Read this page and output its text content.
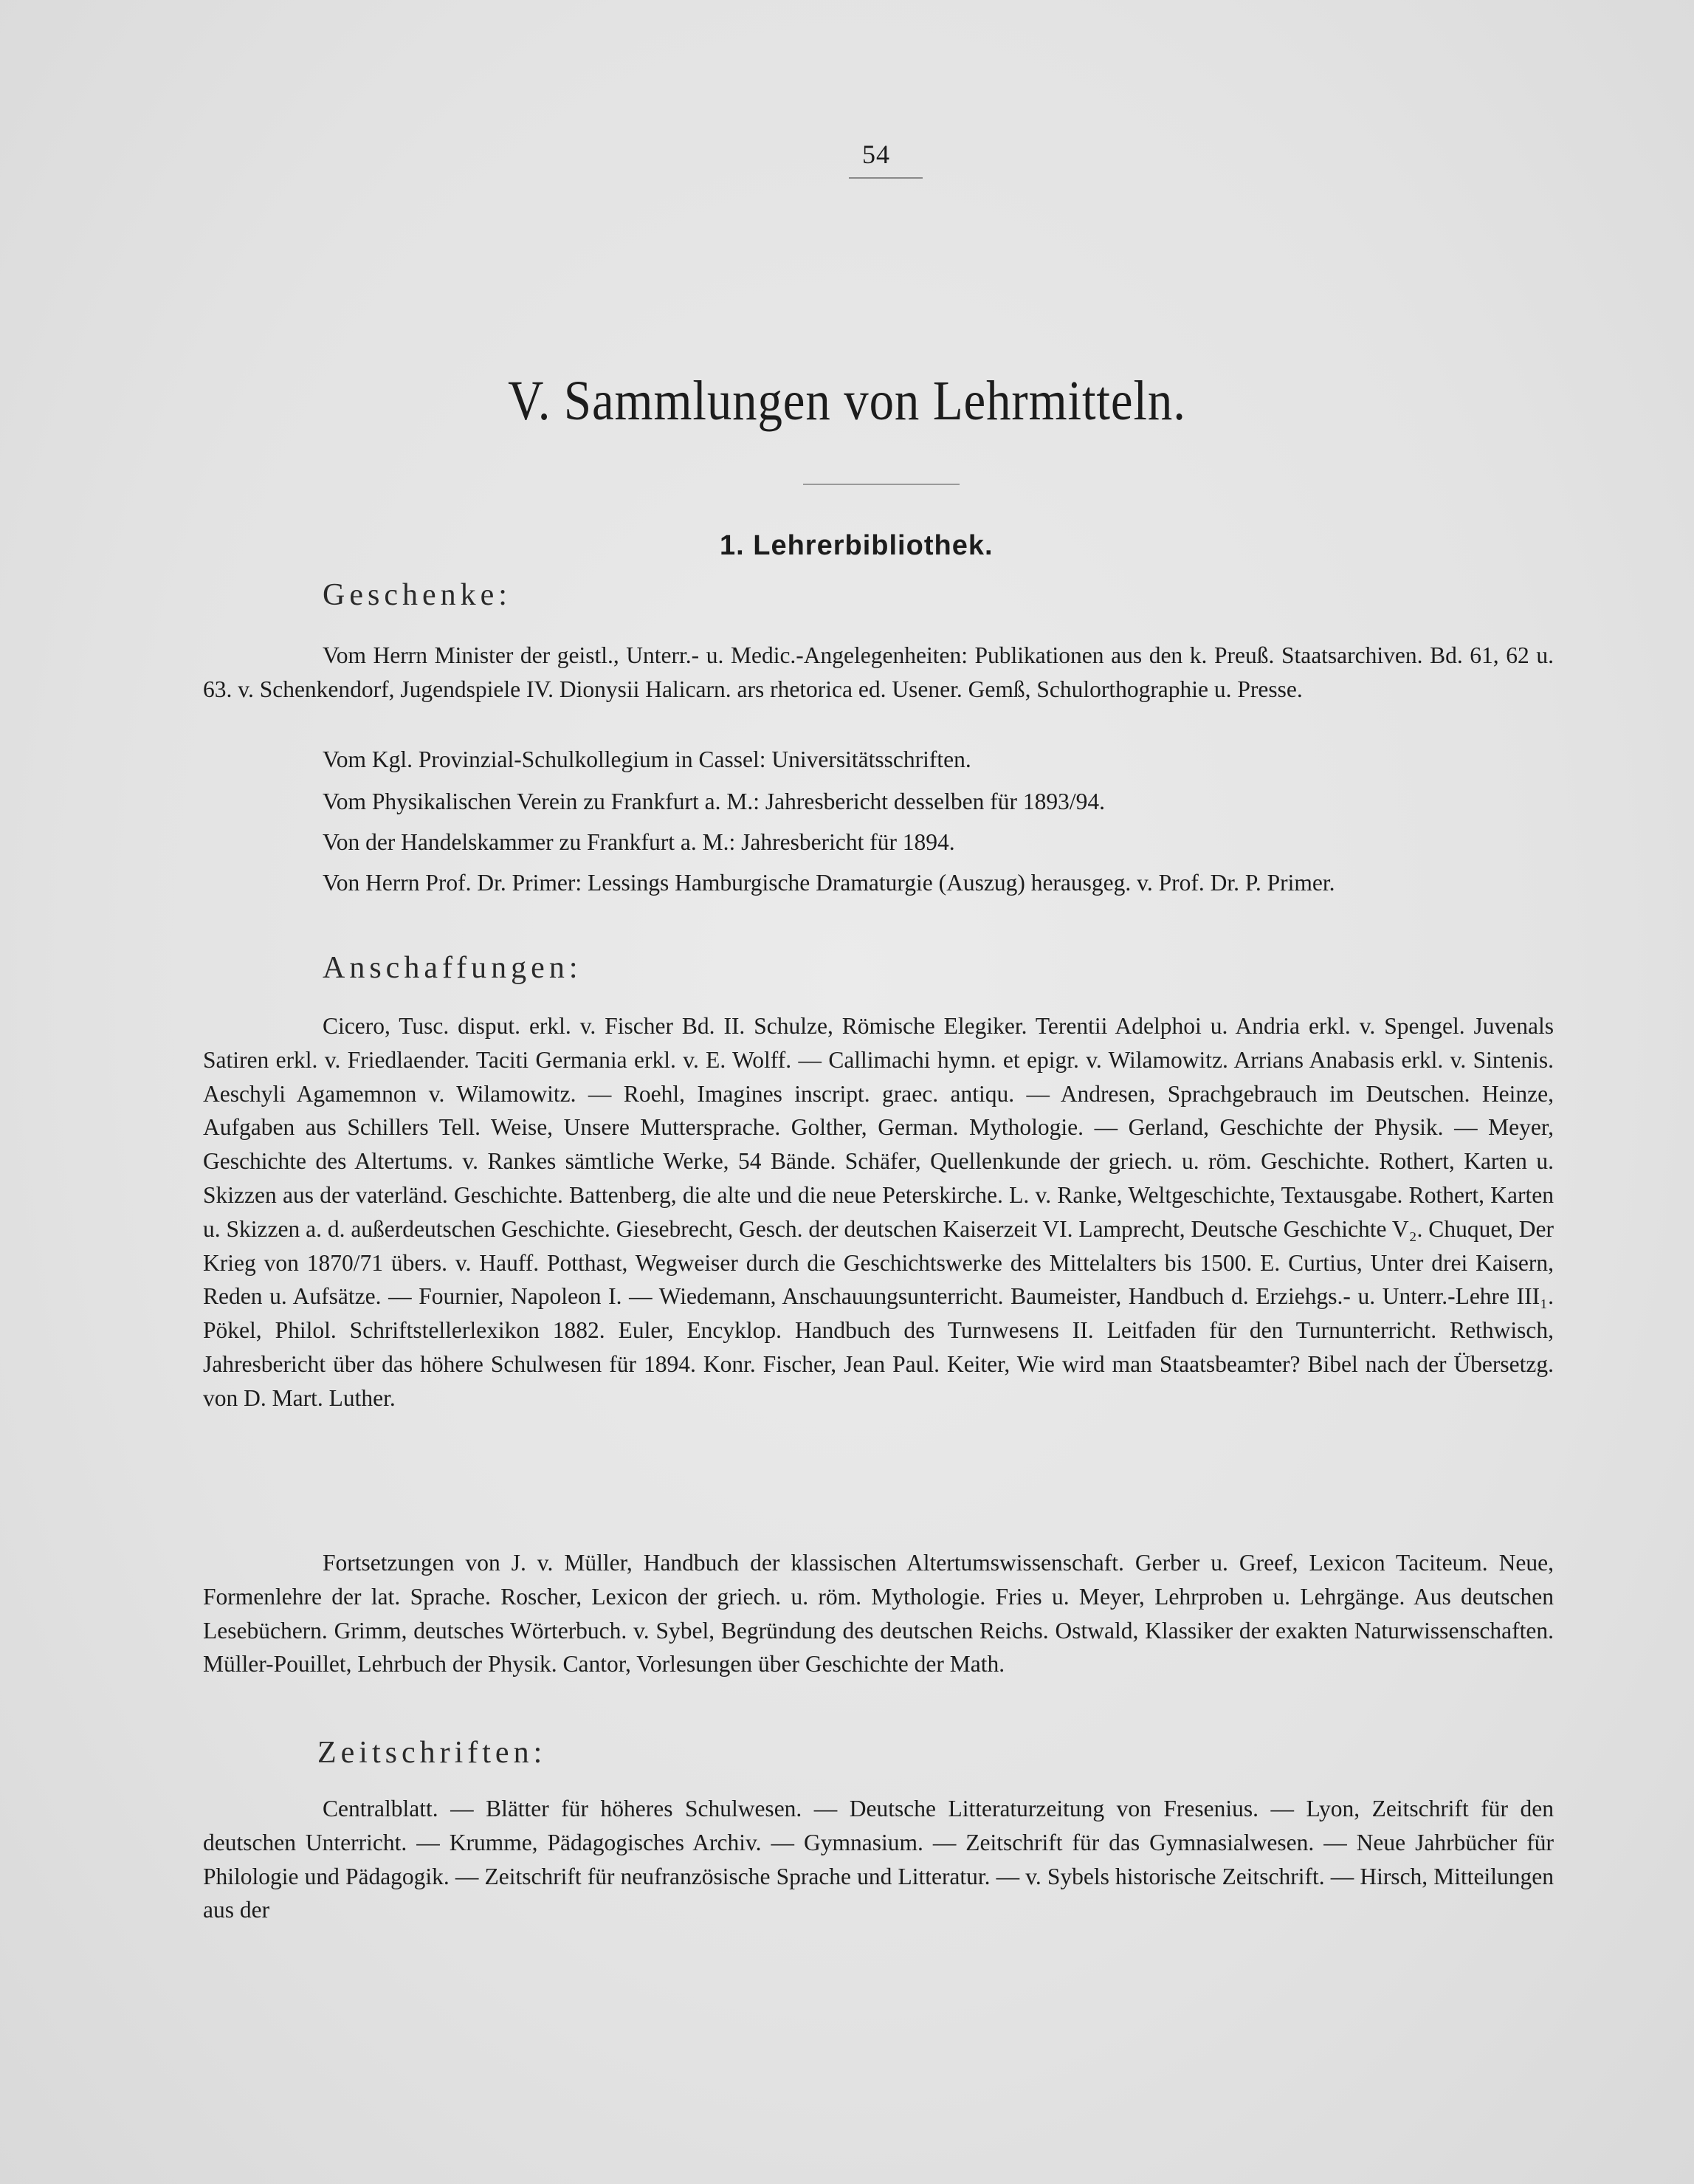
54
V. Sammlungen von Lehrmitteln.
1. Lehrerbibliothek.
Geschenke:

Vom Herrn Minister der geistl., Unterr.- u. Medic.-Angelegenheiten: Publikationen aus den k. Preuß. Staatsarchiven. Bd. 61, 62 u. 63. v. Schenkendorf, Jugendspiele IV. Dionysii Halicarn. ars rhetorica ed. Usener. Gemß, Schulorthographie u. Presse.

Vom Kgl. Provinzial-Schulkollegium in Cassel: Universitätsschriften.

Vom Physikalischen Verein zu Frankfurt a. M.: Jahresbericht desselben für 1893/94.

Von der Handelskammer zu Frankfurt a. M.: Jahresbericht für 1894.

Von Herrn Prof. Dr. Primer: Lessings Hamburgische Dramaturgie (Auszug) herausgeg. v. Prof. Dr. P. Primer.

Anschaffungen:

Cicero, Tusc. disput. erkl. v. Fischer Bd. II. Schulze, Römische Elegiker. Terentii Adelphoi u. Andria erkl. v. Spengel. Juvenals Satiren erkl. v. Friedlaender. Taciti Germania erkl. v. E. Wolff. — Callimachi hymn. et epigr. v. Wilamowitz. Arrians Anabasis erkl. v. Sintenis. Aeschyli Agamemnon v. Wilamowitz. — Roehl, Imagines inscript. graec. antiqu. — Andresen, Sprachgebrauch im Deutschen. Heinze, Aufgaben aus Schillers Tell. Weise, Unsere Muttersprache. Golther, German. Mythologie. — Gerland, Geschichte der Physik. — Meyer, Geschichte des Altertums. v. Rankes sämtliche Werke, 54 Bände. Schäfer, Quellenkunde der griech. u. röm. Geschichte. Rothert, Karten u. Skizzen aus der vaterländ. Geschichte. Battenberg, die alte und die neue Peterskirche. L. v. Ranke, Weltgeschichte, Textausgabe. Rothert, Karten u. Skizzen a. d. außerdeutschen Geschichte. Giesebrecht, Gesch. der deutschen Kaiserzeit VI. Lamprecht, Deutsche Geschichte V₂. Chuquet, Der Krieg von 1870/71 übers. v. Hauff. Potthast, Wegweiser durch die Geschichtswerke des Mittelalters bis 1500. E. Curtius, Unter drei Kaisern, Reden u. Aufsätze. — Fournier, Napoleon I. — Wiedemann, Anschauungsunterricht. Baumeister, Handbuch d. Erziehgs.- u. Unterr.-Lehre III₁. Pökel, Philol. Schriftstellerlexikon 1882. Euler, Encyklop. Handbuch des Turnwesens II. Leitfaden für den Turnunterricht. Rethwisch, Jahresbericht über das höhere Schulwesen für 1894. Konr. Fischer, Jean Paul. Keiter, Wie wird man Staatsbeamter? Bibel nach der Übersetzg. von D. Mart. Luther.

Fortsetzungen von J. v. Müller, Handbuch der klassischen Altertumswissenschaft. Gerber u. Greef, Lexicon Taciteum. Neue, Formenlehre der lat. Sprache. Roscher, Lexicon der griech. u. röm. Mythologie. Fries u. Meyer, Lehrproben u. Lehrgänge. Aus deutschen Lesebüchern. Grimm, deutsches Wörterbuch. v. Sybel, Begründung des deutschen Reichs. Ostwald, Klassiker der exakten Naturwissenschaften. Müller-Pouillet, Lehrbuch der Physik. Cantor, Vorlesungen über Geschichte der Math.

Zeitschriften:

Centralblatt. — Blätter für höheres Schulwesen. — Deutsche Litteraturzeitung von Fresenius. — Lyon, Zeitschrift für den deutschen Unterricht. — Krumme, Pädagogisches Archiv. — Gymnasium. — Zeitschrift für das Gymnasialwesen. — Neue Jahrbücher für Philologie und Pädagogik. — Zeitschrift für neufranzösische Sprache und Litteratur. — v. Sybels historische Zeitschrift. — Hirsch, Mitteilungen aus der
